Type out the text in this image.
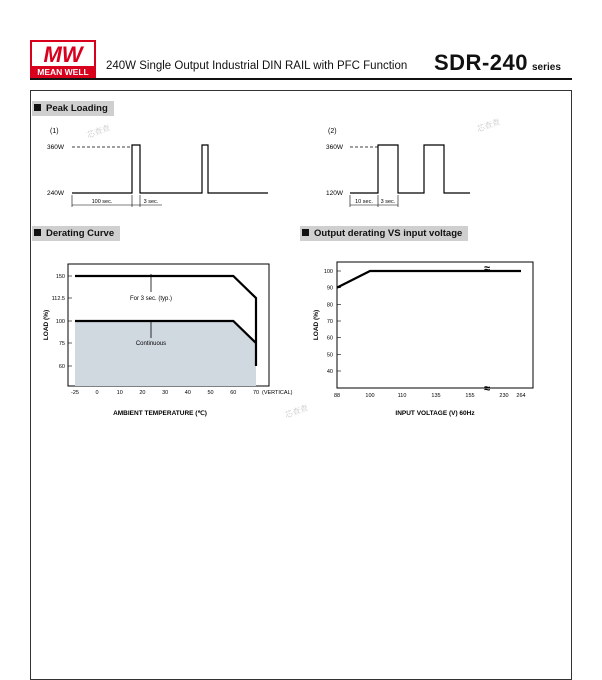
MW
MEAN WELL 240W Single Output Industrial DIN RAIL with PFC Function SDR-240 series
Peak Loading
Derating Curve	Output derating VS input voltage
(1)
360W
240W
100 sec.	3 sec.
(2)
360W
120W
10 sec. 3 sec.
芯查查	芯查查
芯查查
60
75
100
112.5
150
-25	0	10	20	30	40	50	60	70 (VERTICAL)
For 3 sec. (typ.)
Continuous
AMBIENT TEMPERATURE (℃)
LOAD (%)
40
50
60
70
80
90
100
88	100	110	135	155	230 264
≈
≈
INPUT VOLTAGE (V) 60Hz
LOAD (%)
